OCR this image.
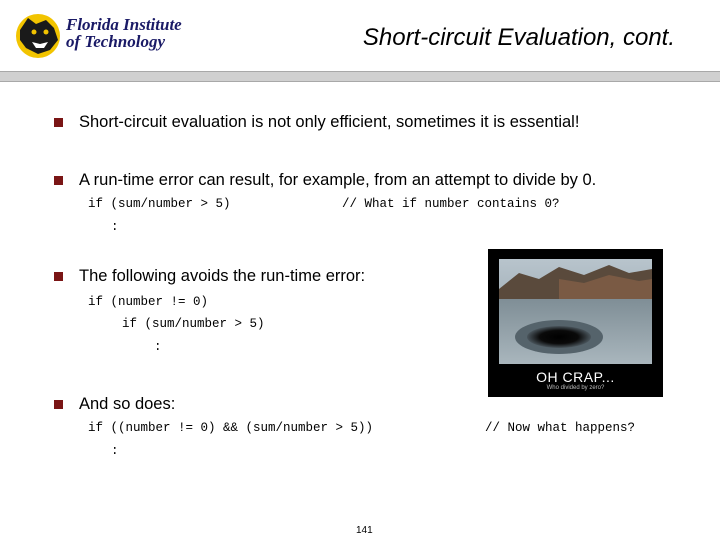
Florida Institute
of Technology	Short-circuit Evaluation, cont.
Short-circuit evaluation is not only efficient, sometimes it is essential!
A run-time error can result, for example, from an attempt to divide by 0.
if (sum/number > 5)	// What if number contains 0?
:
The following avoids the run-time error:
if (number != 0)
if (sum/number > 5)
:
And so does:
if ((number != 0) && (sum/number > 5))	// Now what happens?
:
OH CRAP...
Who divided by zero?
141
